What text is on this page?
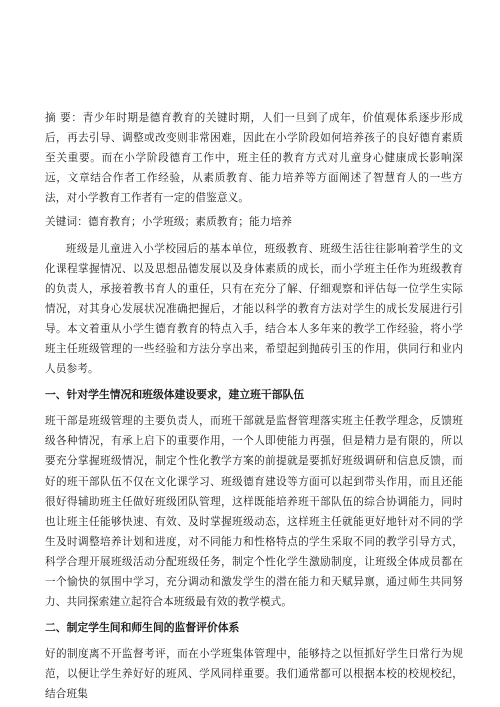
摘 要：青少年时期是德育教育的关键时期，人们一旦到了成年，价值观体系逐步形成后，再去引导、调整或改变则非常困难，因此在小学阶段如何培养孩子的良好德育素质至关重要。而在小学阶段德育工作中，班主任的教育方式对儿童身心健康成长影响深远，文章结合作者工作经验，从素质教育、能力培养等方面阐述了智慧育人的一些方法，对小学教育工作者有一定的借鉴意义。

关键词：德育教育；小学班级；素质教育；能力培养

班级是儿童进入小学校园后的基本单位，班级教育、班级生活往往影响着学生的文化课程掌握情况、以及思想品德发展以及身体素质的成长，而小学班主任作为班级教育的负责人，承接着教书育人的重任，只有在充分了解、仔细观察和评估每一位学生实际情况，对其身心发展状况准确把握后，才能以科学的教育方法对学生的成长发展进行引导。本文着重从小学生德育教育的特点入手，结合本人多年来的教学工作经验，将小学班主任班级管理的一些经验和方法分享出来，希望起到抛砖引玉的作用，供同行和业内人员参考。

一、针对学生情况和班级体建设要求，建立班干部队伍

班干部是班级管理的主要负责人，而班干部就是监督管理落实班主任教学理念，反馈班级各种情况，有承上启下的重要作用，一个人即使能力再强，但是精力是有限的，所以要充分掌握班级情况，制定个性化教学方案的前提就是要抓好班级调研和信息反馈，而好的班干部队伍不仅在文化课学习、班级德育建设等方面可以起到带头作用，而且还能很好得辅助班主任做好班级团队管理，这样既能培养班干部队伍的综合协调能力，同时也让班主任能够快速、有效、及时掌握班级动态，这样班主任就能更好地针对不同的学生及时调整培养计划和进度，对不同能力和性格特点的学生采取不同的教学引导方式，科学合理开展班级活动分配班级任务，制定个性化学生激励制度，让班级全体成员都在一个愉快的氛围中学习，充分调动和激发学生的潜在能力和天赋异禀，通过师生共同努力、共同探索建立起符合本班级最有效的教学模式。

二、制定学生间和师生间的监督评价体系

好的制度离不开监督考评，而在小学班集体管理中，能够持之以恒抓好学生日常行为规范，以便让学生养好好的班风、学风同样重要。我们通常都可以根据本校的校规校纪，结合班集
